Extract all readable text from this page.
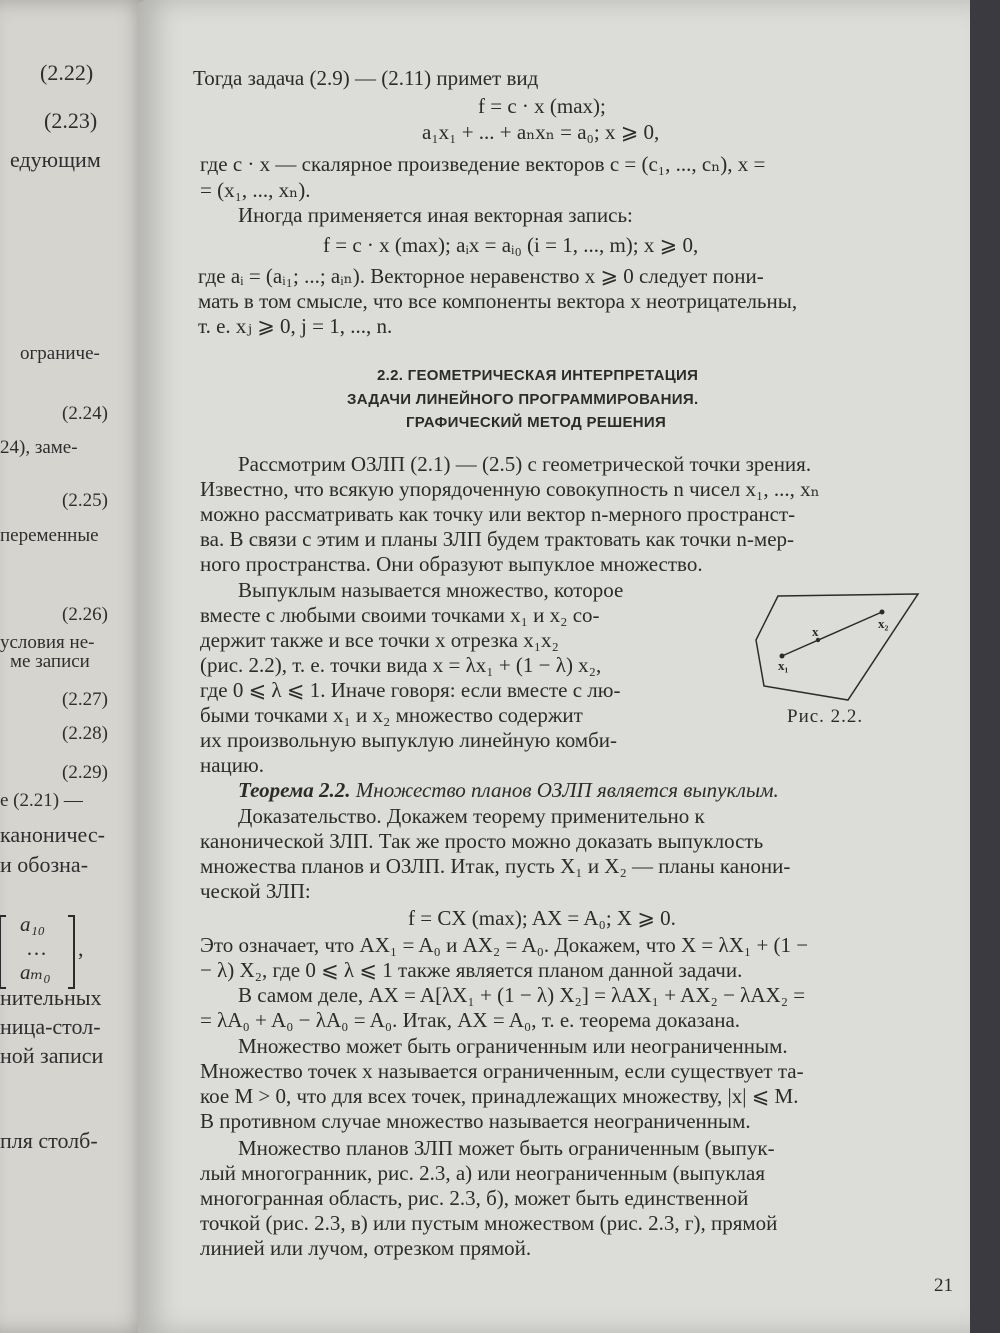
(2.22)
(2.23)
едующим
ограниче-
(2.24)
24), заме-
(2.25)
переменные
(2.26)
условия не-
ме записи
(2.27)
(2.28)
(2.29)
е (2.21) —
каноничес-
и обозна-
нительных
ница-стол-
ной записи
пля столб-
,
a₁₀
…
aₘ₀
Тогда задача (2.9) — (2.11) примет вид
f = c · x (max);
a₁x₁ + ... + aₙxₙ = a₀; x ⩾ 0,
где c · x — скалярное произведение векторов c = (c₁, ..., cₙ), x =
= (x₁, ..., xₙ).
Иногда применяется иная векторная запись:
f = c · x (max); aᵢx = aᵢ₀ (i = 1, ..., m); x ⩾ 0,
где aᵢ = (aᵢ₁; ...; aᵢₙ). Векторное неравенство x ⩾ 0 следует пони-
мать в том смысле, что все компоненты вектора x неотрицательны,
т. е. xⱼ ⩾ 0, j = 1, ..., n.
2.2. ГЕОМЕТРИЧЕСКАЯ ИНТЕРПРЕТАЦИЯ
ЗАДАЧИ ЛИНЕЙНОГО ПРОГРАММИРОВАНИЯ.
ГРАФИЧЕСКИЙ МЕТОД РЕШЕНИЯ
Рассмотрим ОЗЛП (2.1) — (2.5) с геометрической точки зрения.
Известно, что всякую упорядоченную совокупность n чисел x₁, ..., xₙ
можно рассматривать как точку или вектор n-мерного пространст-
ва. В связи с этим и планы ЗЛП будем трактовать как точки n-мер-
ного пространства. Они образуют выпуклое множество.
Выпуклым называется множество, которое
вместе с любыми своими точками x₁ и x₂ со-
держит также и все точки x отрезка x₁x₂
(рис. 2.2), т. е. точки вида x = λx₁ + (1 − λ) x₂,
где 0 ⩽ λ ⩽ 1. Иначе говоря: если вместе с лю-
быми точками x₁ и x₂ множество содержит
их произвольную выпуклую линейную комби-
нацию.
x₁
x
x₂
Рис. 2.2.
Теорема 2.2. Множество планов ОЗЛП является выпуклым.
Доказательство. Докажем теорему применительно к
канонической ЗЛП. Так же просто можно доказать выпуклость
множества планов и ОЗЛП. Итак, пусть X₁ и X₂ — планы канони-
ческой ЗЛП:
f = CX (max); AX = A₀; X ⩾ 0.
Это означает, что AX₁ = A₀ и AX₂ = A₀. Докажем, что X = λX₁ + (1 −
− λ) X₂, где 0 ⩽ λ ⩽ 1 также является планом данной задачи.
В самом деле, AX = A[λX₁ + (1 − λ) X₂] = λAX₁ + AX₂ − λAX₂ =
= λA₀ + A₀ − λA₀ = A₀. Итак, AX = A₀, т. е. теорема доказана.
Множество может быть ограниченным или неограниченным.
Множество точек x называется ограниченным, если существует та-
кое M > 0, что для всех точек, принадлежащих множеству, |x| ⩽ M.
В противном случае множество называется неограниченным.
Множество планов ЗЛП может быть ограниченным (выпук-
лый многогранник, рис. 2.3, а) или неограниченным (выпуклая
многогранная область, рис. 2.3, б), может быть единственной
точкой (рис. 2.3, в) или пустым множеством (рис. 2.3, г), прямой
линией или лучом, отрезком прямой.
21
